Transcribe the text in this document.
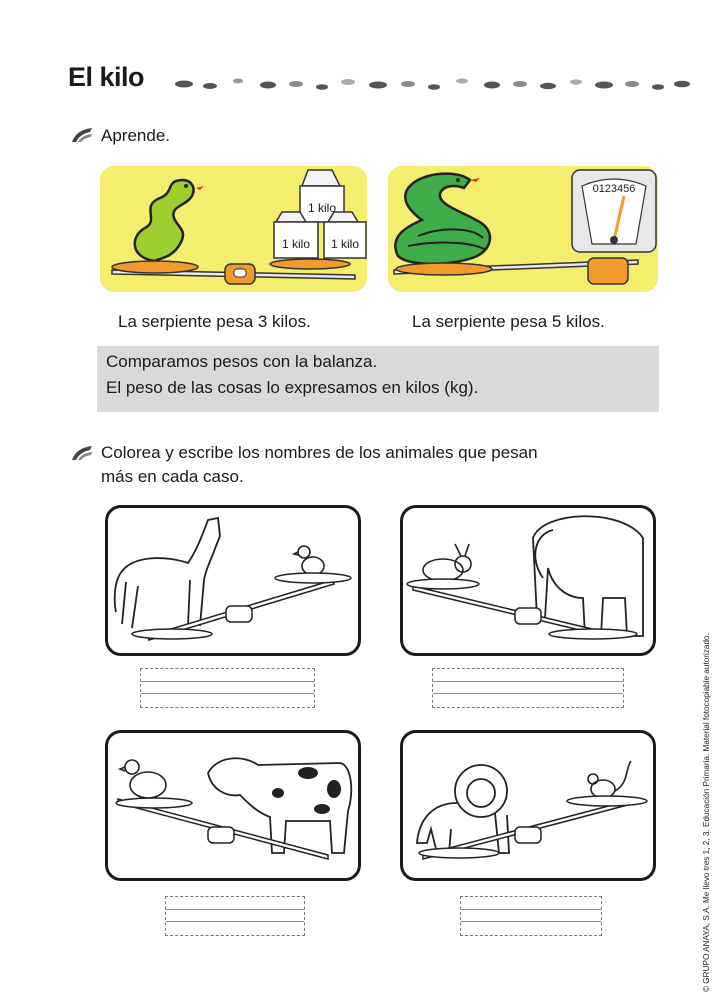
El kilo
Aprende.
1 kilo
1 kilo 1 kilo
0123456
La serpiente pesa 3 kilos.	La serpiente pesa 5 kilos.
Comparamos pesos con la balanza.
El peso de las cosas lo expresamos en kilos (kg).
Colorea y escribe los nombres de los animales que pesan
más en cada caso.
© GRUPO ANAYA, S.A. Me llevo tres 1, 2, 3. Educación Primaria. Material fotocopiable autorizado.
